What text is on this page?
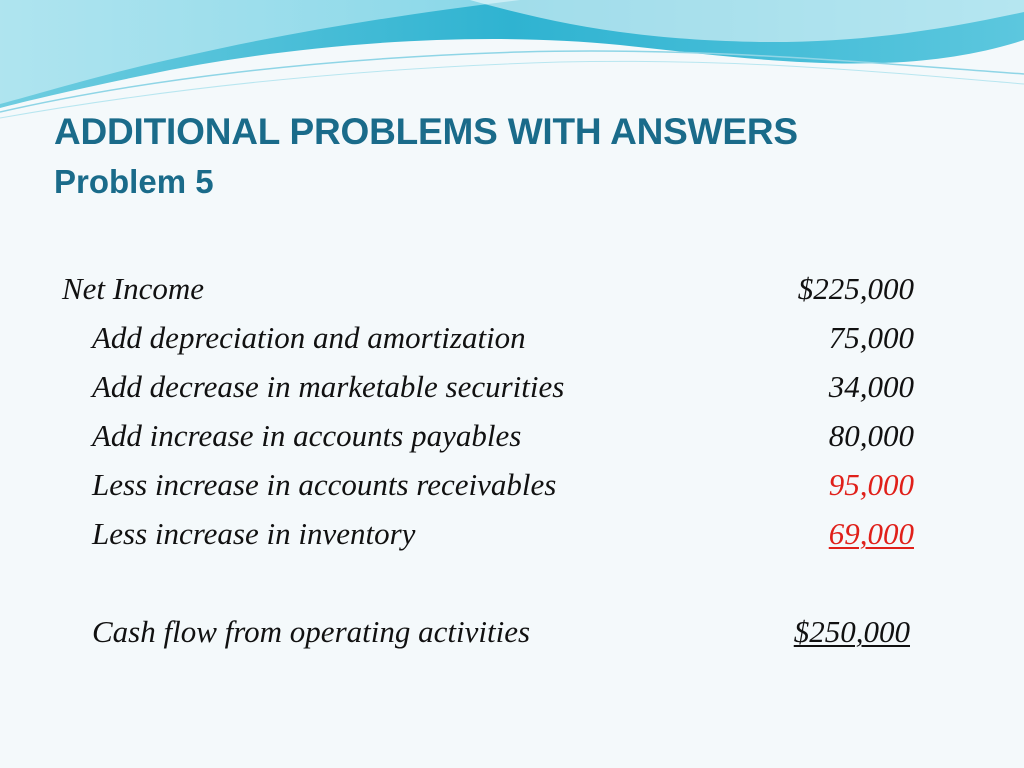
ADDITIONAL PROBLEMS WITH ANSWERS
Problem 5
Net Income	$225,000
Add depreciation and amortization	75,000
Add decrease in marketable securities	34,000
Add increase in accounts payables	80,000
Less increase in accounts receivables	95,000
Less increase in inventory	69,000
Cash flow from operating activities	$250,000
